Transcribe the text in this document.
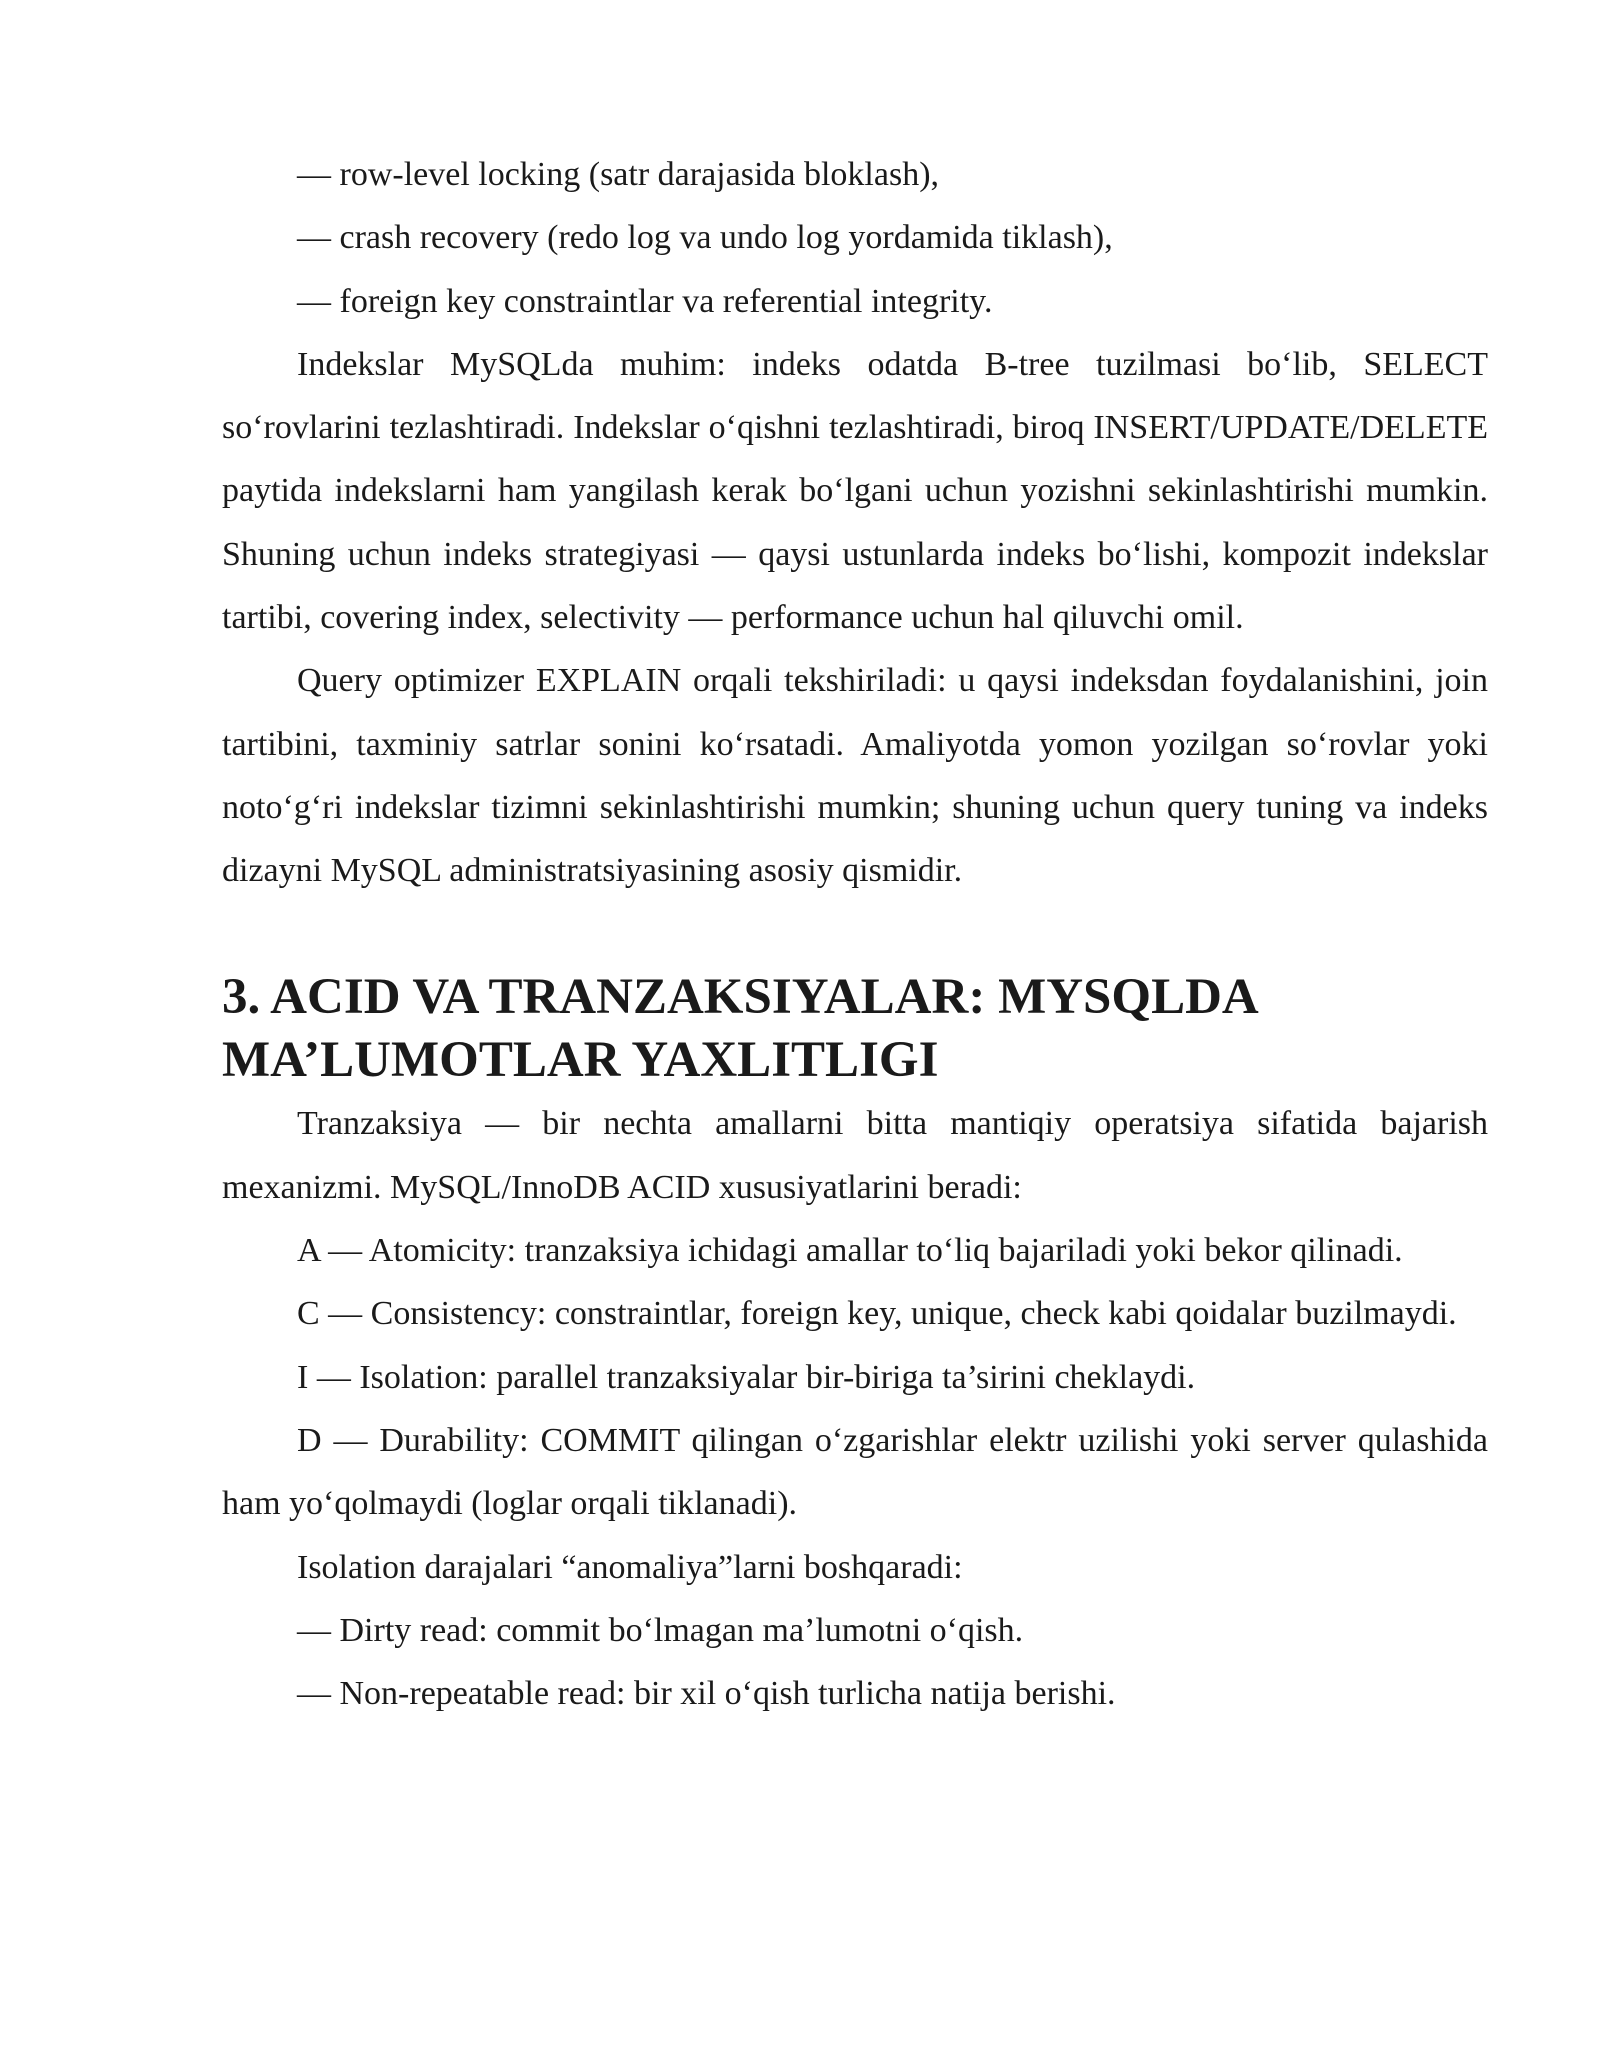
— row-level locking (satr darajasida bloklash),

— crash recovery (redo log va undo log yordamida tiklash),

— foreign key constraintlar va referential integrity.

Indekslar MySQLda muhim: indeks odatda B-tree tuzilmasi bo‘lib, SELECT so‘rovlarini tezlashtiradi. Indekslar o‘qishni tezlashtiradi, biroq INSERT/UPDATE/DELETE paytida indekslarni ham yangilash kerak bo‘lgani uchun yozishni sekinlashtirishi mumkin. Shuning uchun indeks strategiyasi — qaysi ustunlarda indeks bo‘lishi, kompozit indekslar tartibi, covering index, selectivity — performance uchun hal qiluvchi omil.

Query optimizer EXPLAIN orqali tekshiriladi: u qaysi indeksdan foydalanishini, join tartibini, taxminiy satrlar sonini ko‘rsatadi. Amaliyotda yomon yozilgan so‘rovlar yoki noto‘g‘ri indekslar tizimni sekinlashtirishi mumkin; shuning uchun query tuning va indeks dizayni MySQL administratsiyasining asosiy qismidir.

3. ACID VA TRANZAKSIYALAR: MYSQLDA MA’LUMOTLAR YAXLITLIGI

Tranzaksiya — bir nechta amallarni bitta mantiqiy operatsiya sifatida bajarish mexanizmi. MySQL/InnoDB ACID xususiyatlarini beradi:

A — Atomicity: tranzaksiya ichidagi amallar to‘liq bajariladi yoki bekor qilinadi.

C — Consistency: constraintlar, foreign key, unique, check kabi qoidalar buzilmaydi.

I — Isolation: parallel tranzaksiyalar bir-biriga ta’sirini cheklaydi.

D — Durability: COMMIT qilingan o‘zgarishlar elektr uzilishi yoki server qulashida ham yo‘qolmaydi (loglar orqali tiklanadi).

Isolation darajalari “anomaliya”larni boshqaradi:

— Dirty read: commit bo‘lmagan ma’lumotni o‘qish.

— Non-repeatable read: bir xil o‘qish turlicha natija berishi.
